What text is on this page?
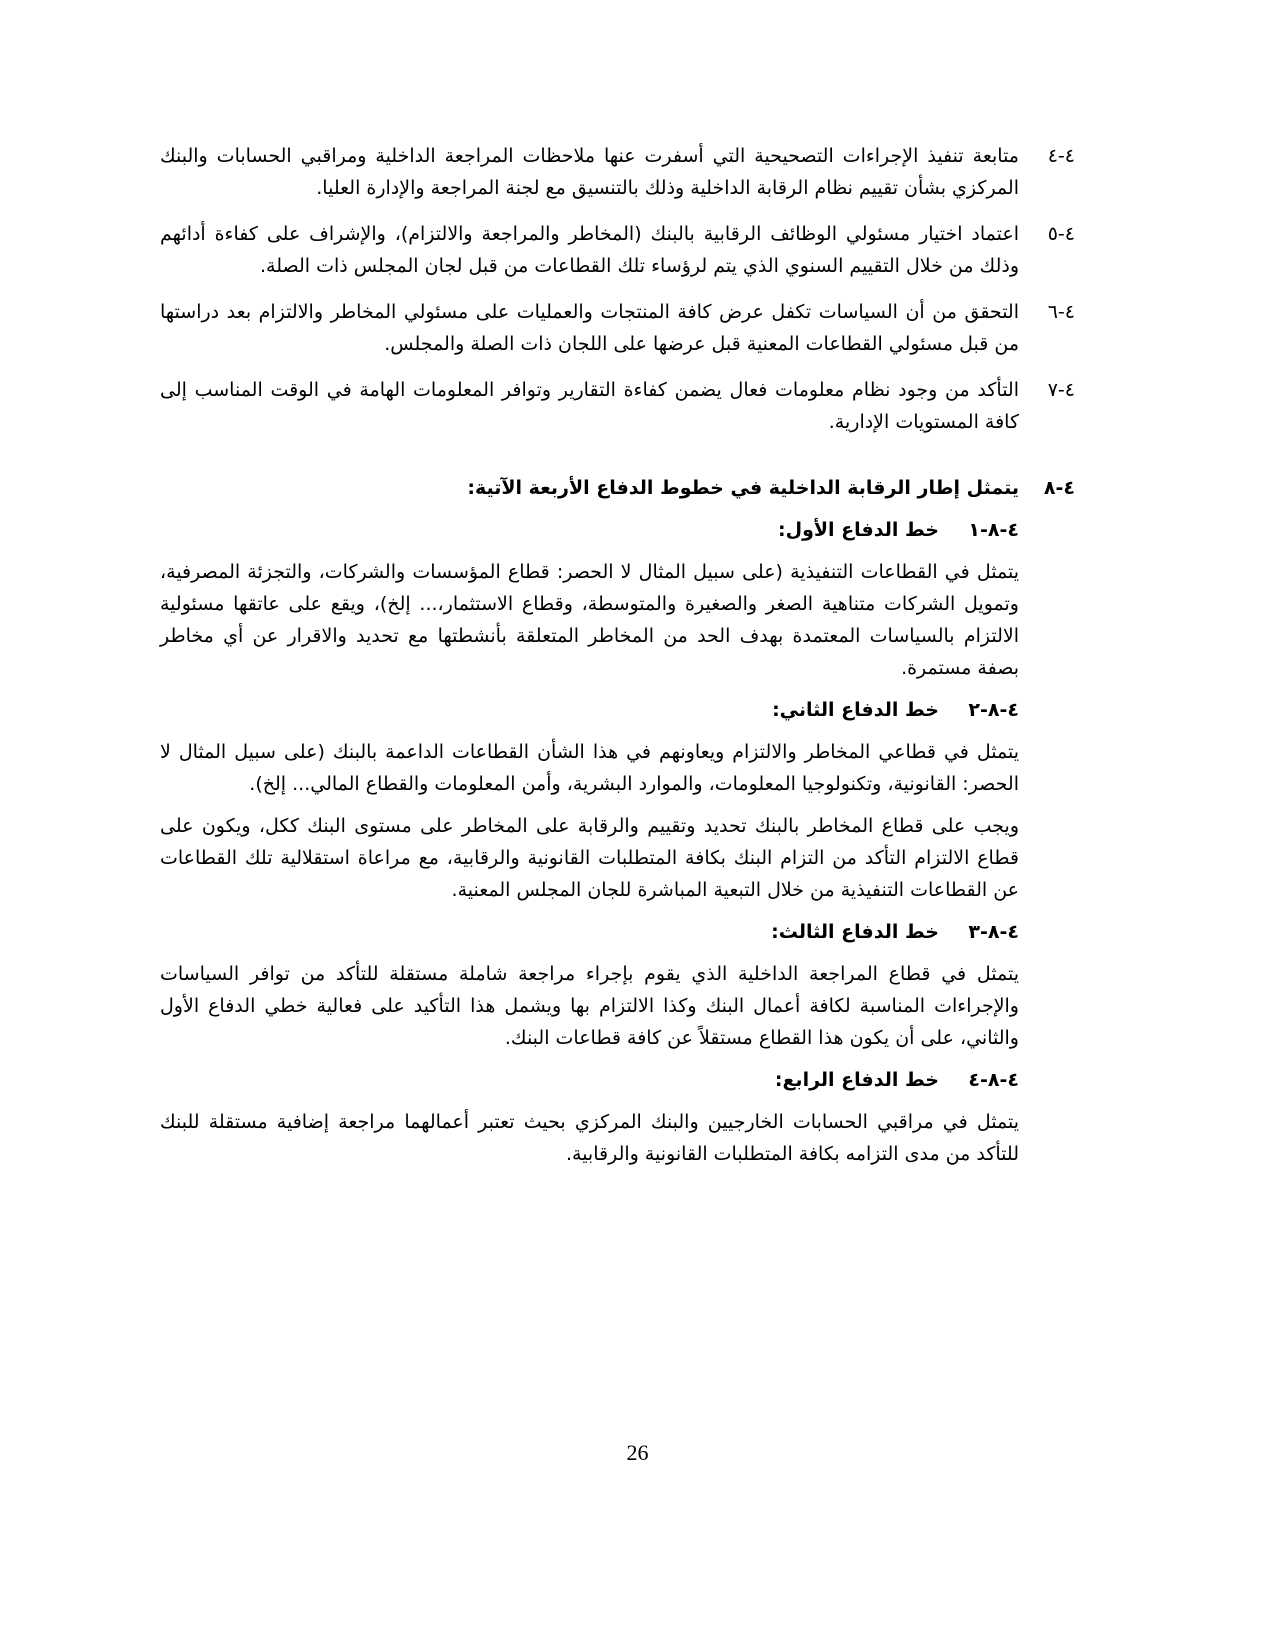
٤-٤
متابعة تنفيذ الإجراءات التصحيحية التي أسفرت عنها ملاحظات المراجعة الداخلية ومراقبي الحسابات والبنك المركزي بشأن تقييم نظام الرقابة الداخلية وذلك بالتنسيق مع لجنة المراجعة والإدارة العليا.
٤-٥
اعتماد اختيار مسئولي الوظائف الرقابية بالبنك (المخاطر والمراجعة والالتزام)، والإشراف على كفاءة أدائهم وذلك من خلال التقييم السنوي الذي يتم لرؤساء تلك القطاعات من قبل لجان المجلس ذات الصلة.
٤-٦
التحقق من أن السياسات تكفل عرض كافة المنتجات والعمليات على مسئولي المخاطر والالتزام بعد دراستها من قبل مسئولي القطاعات المعنية قبل عرضها على اللجان ذات الصلة والمجلس.
٤-٧
التأكد من وجود نظام معلومات فعال يضمن كفاءة التقارير وتوافر المعلومات الهامة في الوقت المناسب إلى كافة المستويات الإدارية.
٤-٨
يتمثل إطار الرقابة الداخلية في خطوط الدفاع الأربعة الآتية:
٤-٨-١
خط الدفاع الأول:
يتمثل في القطاعات التنفيذية (على سبيل المثال لا الحصر: قطاع المؤسسات والشركات، والتجزئة المصرفية، وتمويل الشركات متناهية الصغر والصغيرة والمتوسطة، وقطاع الاستثمار،... إلخ)، ويقع على عاتقها مسئولية الالتزام بالسياسات المعتمدة بهدف الحد من المخاطر المتعلقة بأنشطتها مع تحديد والاقرار عن أي مخاطر بصفة مستمرة.
٤-٨-٢
خط الدفاع الثاني:
يتمثل في قطاعي المخاطر والالتزام ويعاونهم في هذا الشأن القطاعات الداعمة بالبنك (على سبيل المثال لا الحصر: القانونية، وتكنولوجيا المعلومات، والموارد البشرية، وأمن المعلومات والقطاع المالي... إلخ).
ويجب على قطاع المخاطر بالبنك تحديد وتقييم والرقابة على المخاطر على مستوى البنك ككل، ويكون على قطاع الالتزام التأكد من التزام البنك بكافة المتطلبات القانونية والرقابية، مع مراعاة استقلالية تلك القطاعات عن القطاعات التنفيذية من خلال التبعية المباشرة للجان المجلس المعنية.
٤-٨-٣
خط الدفاع الثالث:
يتمثل في قطاع المراجعة الداخلية الذي يقوم بإجراء مراجعة شاملة مستقلة للتأكد من توافر السياسات والإجراءات المناسبة لكافة أعمال البنك وكذا الالتزام بها ويشمل هذا التأكيد على فعالية خطي الدفاع الأول والثاني، على أن يكون هذا القطاع مستقلاً عن كافة قطاعات البنك.
٤-٨-٤
خط الدفاع الرابع:
يتمثل في مراقبي الحسابات الخارجيين والبنك المركزي بحيث تعتبر أعمالهما مراجعة إضافية مستقلة للبنك للتأكد من مدى التزامه بكافة المتطلبات القانونية والرقابية.
26
